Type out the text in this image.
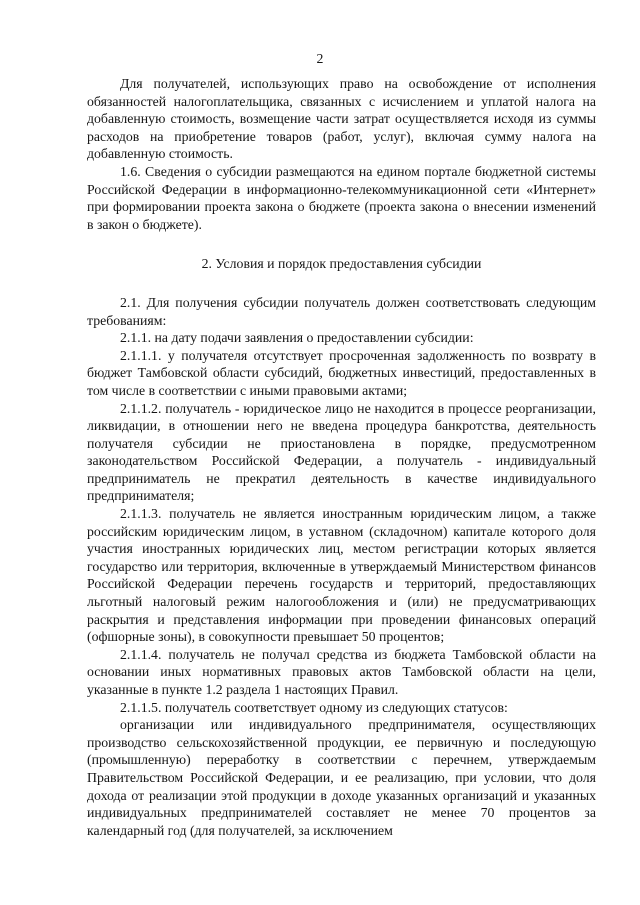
2

Для получателей, использующих право на освобождение от исполнения обязанностей налогоплательщика, связанных с исчислением и уплатой налога на добавленную стоимость, возмещение части затрат осуществляется исходя из суммы расходов на приобретение товаров (работ, услуг), включая сумму налога на добавленную стоимость.

1.6. Сведения о субсидии размещаются на едином портале бюджетной системы Российской Федерации в информационно-телекоммуникационной сети «Интернет» при формировании проекта закона о бюджете (проекта закона о внесении изменений в закон о бюджете).

2. Условия и порядок предоставления субсидии

2.1. Для получения субсидии получатель должен соответствовать следующим требованиям:

2.1.1. на дату подачи заявления о предоставлении субсидии:

2.1.1.1. у получателя отсутствует просроченная задолженность по возврату в бюджет Тамбовской области субсидий, бюджетных инвестиций, предоставленных в том числе в соответствии с иными правовыми актами;

2.1.1.2. получатель - юридическое лицо не находится в процессе реорганизации, ликвидации, в отношении него не введена процедура банкротства, деятельность получателя субсидии не приостановлена в порядке, предусмотренном законодательством Российской Федерации, а получатель - индивидуальный предприниматель не прекратил деятельность в качестве индивидуального предпринимателя;

2.1.1.3. получатель не является иностранным юридическим лицом, а также российским юридическим лицом, в уставном (складочном) капитале которого доля участия иностранных юридических лиц, местом регистрации которых является государство или территория, включенные в утверждаемый Министерством финансов Российской Федерации перечень государств и территорий, предоставляющих льготный налоговый режим налогообложения и (или) не предусматривающих раскрытия и представления информации при проведении финансовых операций (офшорные зоны), в совокупности превышает 50 процентов;

2.1.1.4. получатель не получал средства из бюджета Тамбовской области на основании иных нормативных правовых актов Тамбовской области на цели, указанные в пункте 1.2 раздела 1 настоящих Правил.

2.1.1.5. получатель соответствует одному из следующих статусов:

организации или индивидуального предпринимателя, осуществляющих производство сельскохозяйственной продукции, ее первичную и последующую (промышленную) переработку в соответствии с перечнем, утверждаемым Правительством Российской Федерации, и ее реализацию, при условии, что доля дохода от реализации этой продукции в доходе указанных организаций и указанных индивидуальных предпринимателей составляет не менее 70 процентов за календарный год (для получателей, за исключением
